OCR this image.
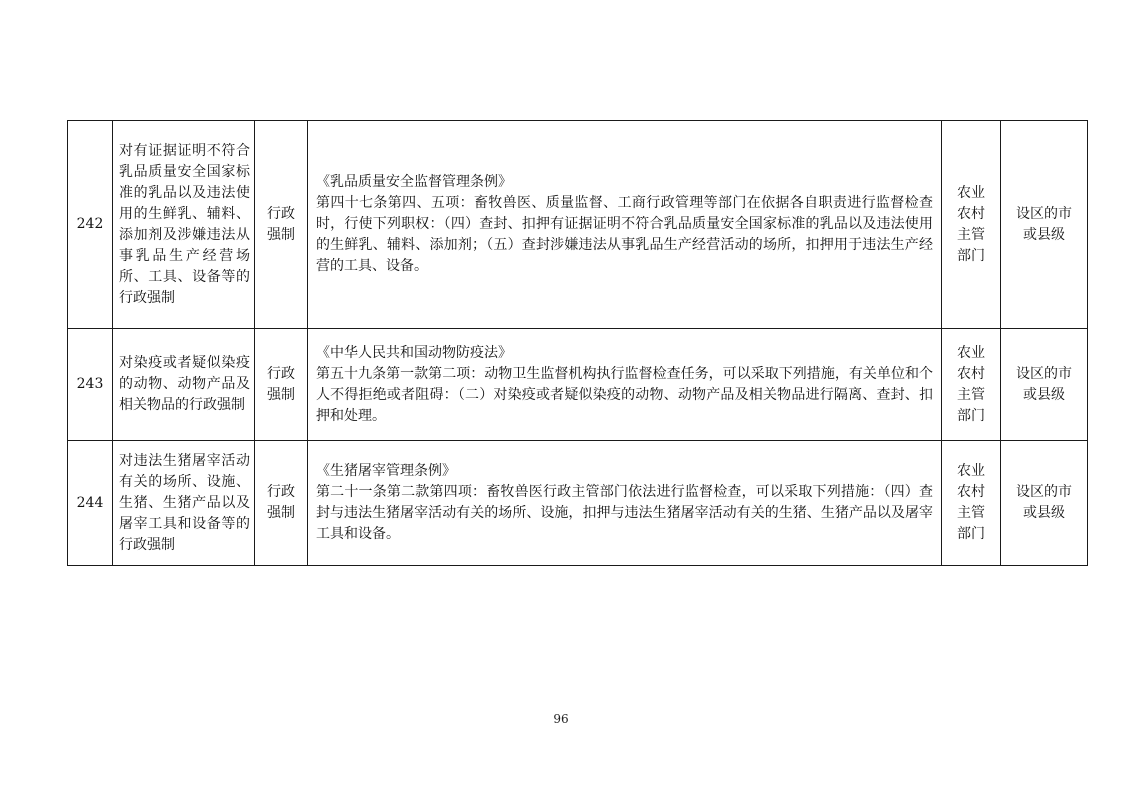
242	对有证据证明不符合乳品质量安全国家标准的乳品以及违法使用的生鲜乳、辅料、添加剂及涉嫌违法从事乳品生产经营场所、工具、设备等的行政强制	行政
强制	《乳品质量安全监督管理条例》
第四十七条第四、五项：畜牧兽医、质量监督、工商行政管理等部门在依据各自职责进行监督检查时，行使下列职权：（四）查封、扣押有证据证明不符合乳品质量安全国家标准的乳品以及违法使用的生鲜乳、辅料、添加剂；（五）查封涉嫌违法从事乳品生产经营活动的场所，扣押用于违法生产经营的工具、设备。	农业
农村
主管
部门	设区的市
或县级

243	对染疫或者疑似染疫的动物、动物产品及相关物品的行政强制	行政
强制	《中华人民共和国动物防疫法》
第五十九条第一款第二项：动物卫生监督机构执行监督检查任务，可以采取下列措施，有关单位和个人不得拒绝或者阻碍：（二）对染疫或者疑似染疫的动物、动物产品及相关物品进行隔离、查封、扣押和处理。	农业
农村
主管
部门	设区的市
或县级

244	对违法生猪屠宰活动有关的场所、设施、生猪、生猪产品以及屠宰工具和设备等的行政强制	行政
强制	《生猪屠宰管理条例》
第二十一条第二款第四项：畜牧兽医行政主管部门依法进行监督检查，可以采取下列措施：（四）查封与违法生猪屠宰活动有关的场所、设施，扣押与违法生猪屠宰活动有关的生猪、生猪产品以及屠宰工具和设备。	农业
农村
主管
部门	设区的市
或县级
96
